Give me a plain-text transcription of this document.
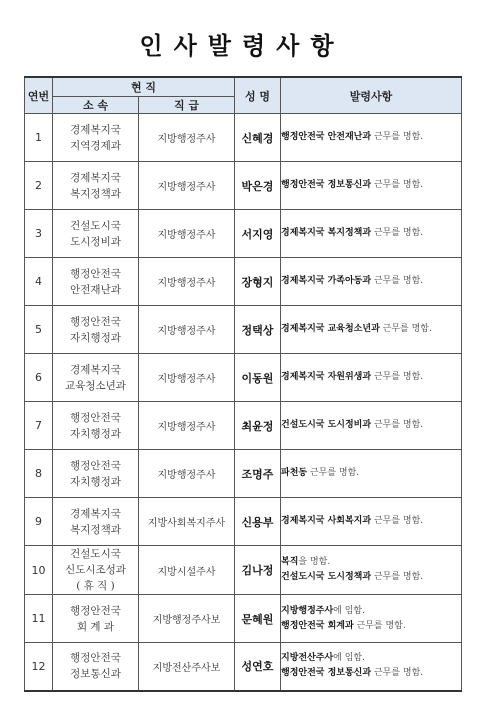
인사발령사항
연번	현 직		성 명	발령사항
	소 속	직 급		
1	경제복지국
지역경제과	지방행정주사	신혜경	행정안전국 안전재난과 근무를 명함.

2	경제복지국
복지정책과	지방행정주사	박은경	행정안전국 정보통신과 근무를 명함.

3	건설도시국
도시정비과	지방행정주사	서지영	경제복지국 복지정책과 근무를 명함.

4	행정안전국
안전재난과	지방행정주사	장형지	경제복지국 가족아동과 근무를 명함.

5	행정안전국
자치행정과	지방행정주사	정택상	경제복지국 교육청소년과 근무를 명함.

6	경제복지국
교육청소년과	지방행정주사	이동원	경제복지국 자원위생과 근무를 명함.

7	행정안전국
자치행정과	지방행정주사	최윤정	건설도시국 도시정비과 근무를 명함.

8	행정안전국
자치행정과	지방행정주사	조명주	파천동 근무를 명함.

9	경제복지국
복지정책과	지방사회복지주사	신용부	경제복지국 사회복지과 근무를 명함.

10	건설도시국
신도시조성과
( 휴 직 )	지방시설주사	김나정	복직을 명함.
건설도시국 도시정책과 근무를 명함.

11	행정안전국
회 계 과	지방행정주사보	문혜원	지방행정주사에 임함.
행정안전국 회계과 근무를 명함.

12	행정안전국
정보통신과	지방전산주사보	성연호	지방전산주사에 임함.
행정안전국 정보통신과 근무를 명함.
